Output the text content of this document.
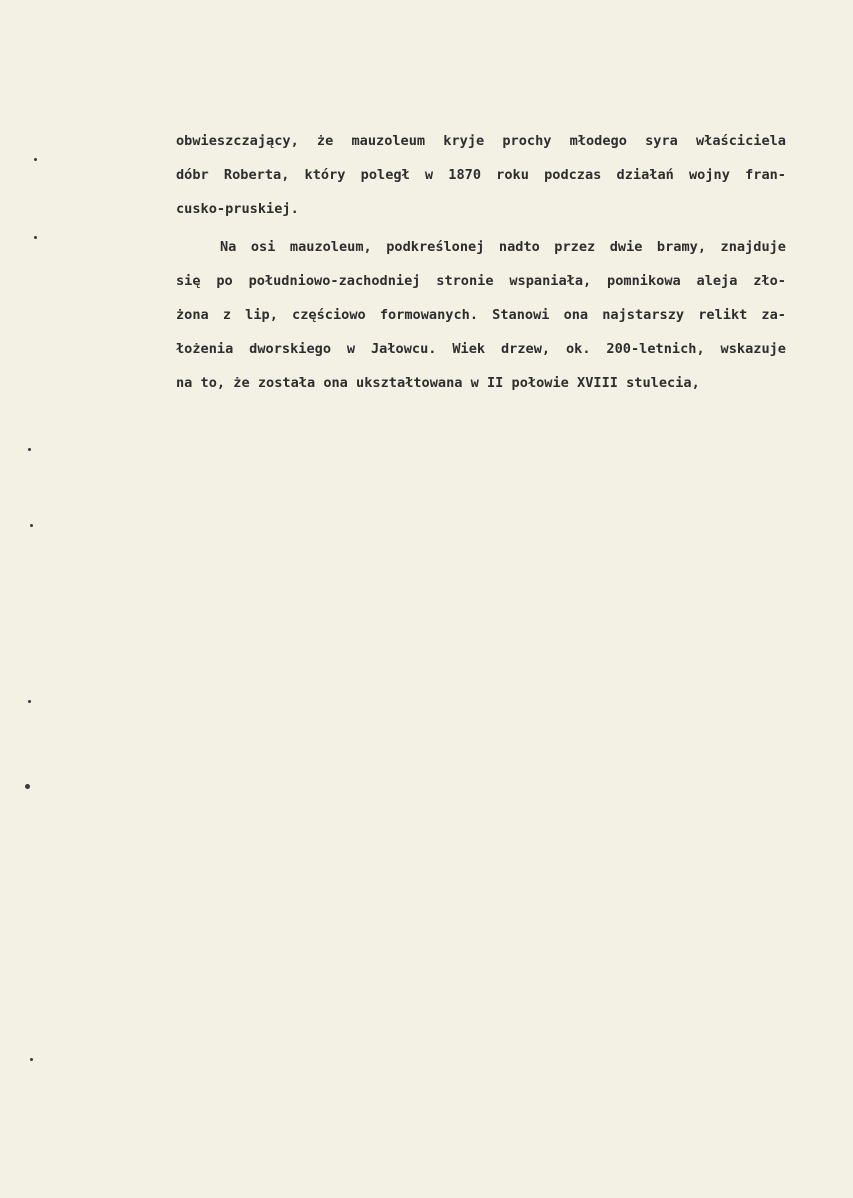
obwieszczający, że mauzoleum kryje prochy młodego syra właściciela
dóbr Roberta, który poległ w 1870 roku podczas działań wojny fran-
cusko-pruskiej.
Na osi mauzoleum, podkreślonej nadto przez dwie bramy, znajduje
się po południowo-zachodniej stronie wspaniała, pomnikowa aleja zło-
żona z lip, częściowo formowanych. Stanowi ona najstarszy relikt za-
łożenia dworskiego w Jałowcu. Wiek drzew, ok. 200-letnich, wskazuje
na to, że została ona ukształtowana w II połowie XVIII stulecia,
